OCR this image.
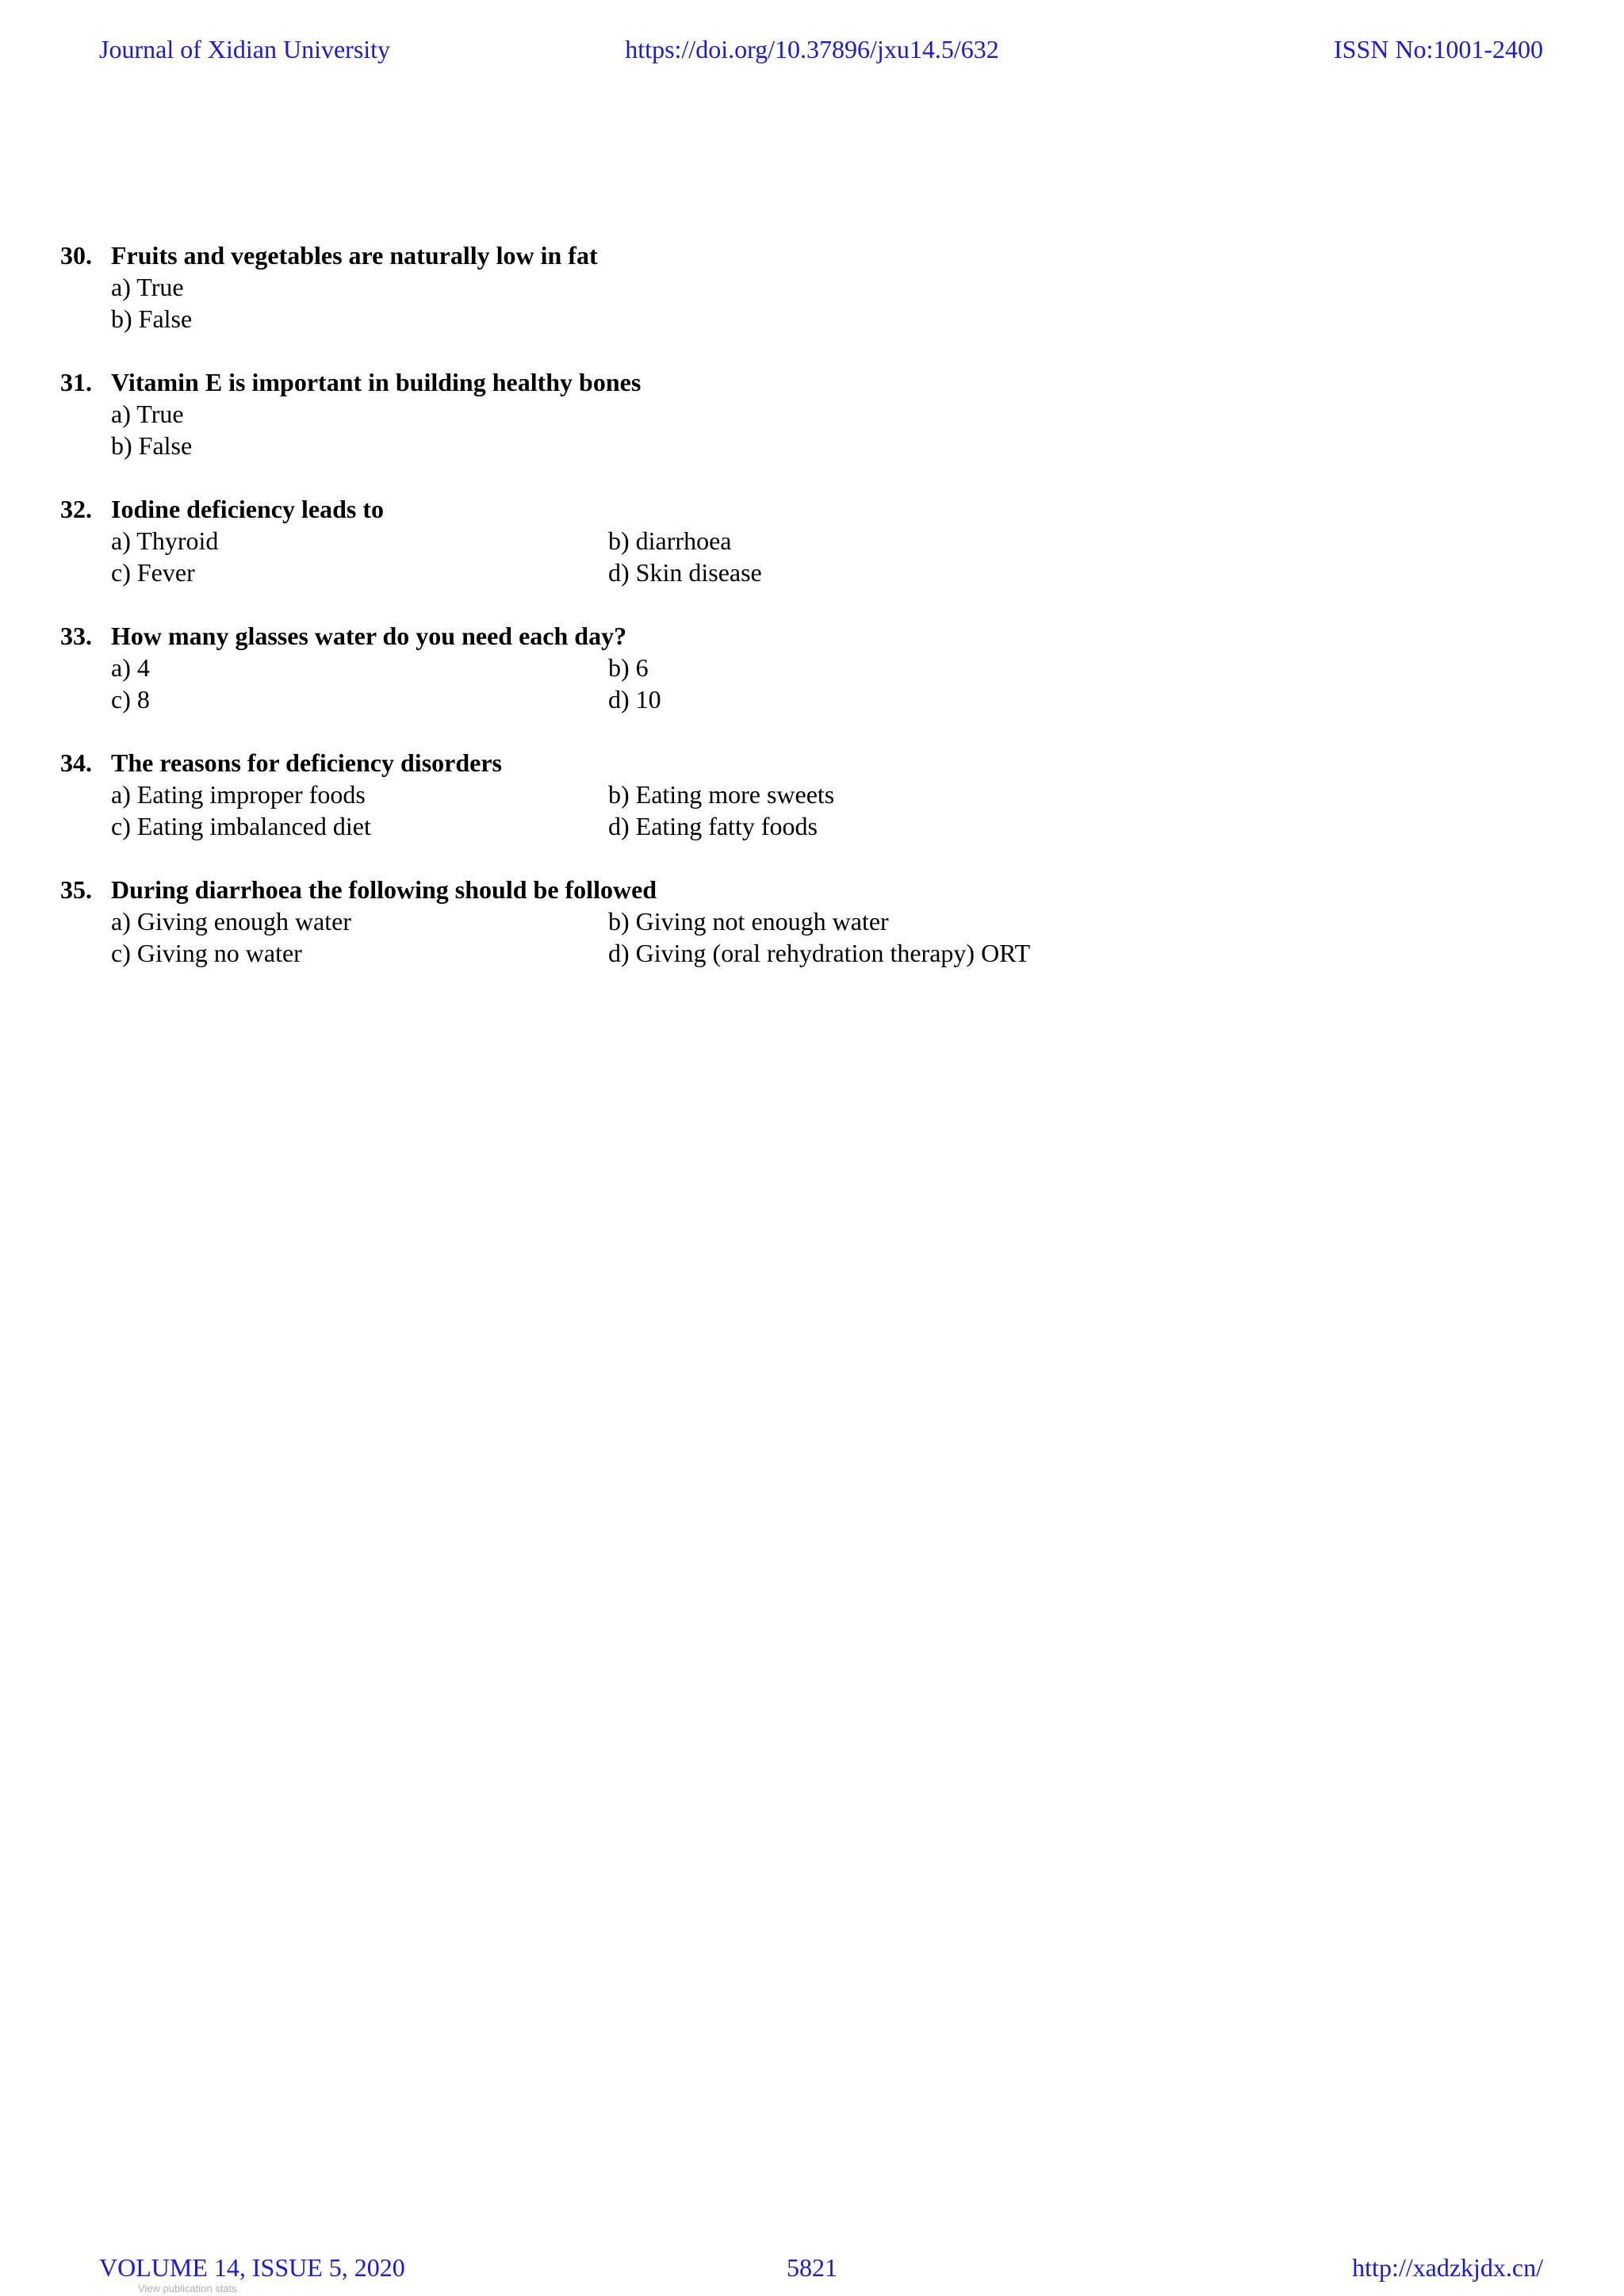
Journal of Xidian University	https://doi.org/10.37896/jxu14.5/632	ISSN No:1001-2400
30. Fruits and vegetables are naturally low in fat
a) True
b) False
31. Vitamin E is important in building healthy bones
a) True
b) False
32. Iodine deficiency leads to
a) Thyroid	b) diarrhoea
c) Fever	d) Skin disease
33. How many glasses water do you need each day?
a) 4	b) 6
c) 8	d) 10
34. The reasons for deficiency disorders
a) Eating improper foods	b) Eating more sweets
c) Eating imbalanced diet	d) Eating fatty foods
35. During diarrhoea the following should be followed
a) Giving enough water	b) Giving not enough water
c) Giving no water	d) Giving (oral rehydration therapy) ORT
VOLUME 14, ISSUE 5, 2020	5821	http://xadzkjdx.cn/
View publication stats
